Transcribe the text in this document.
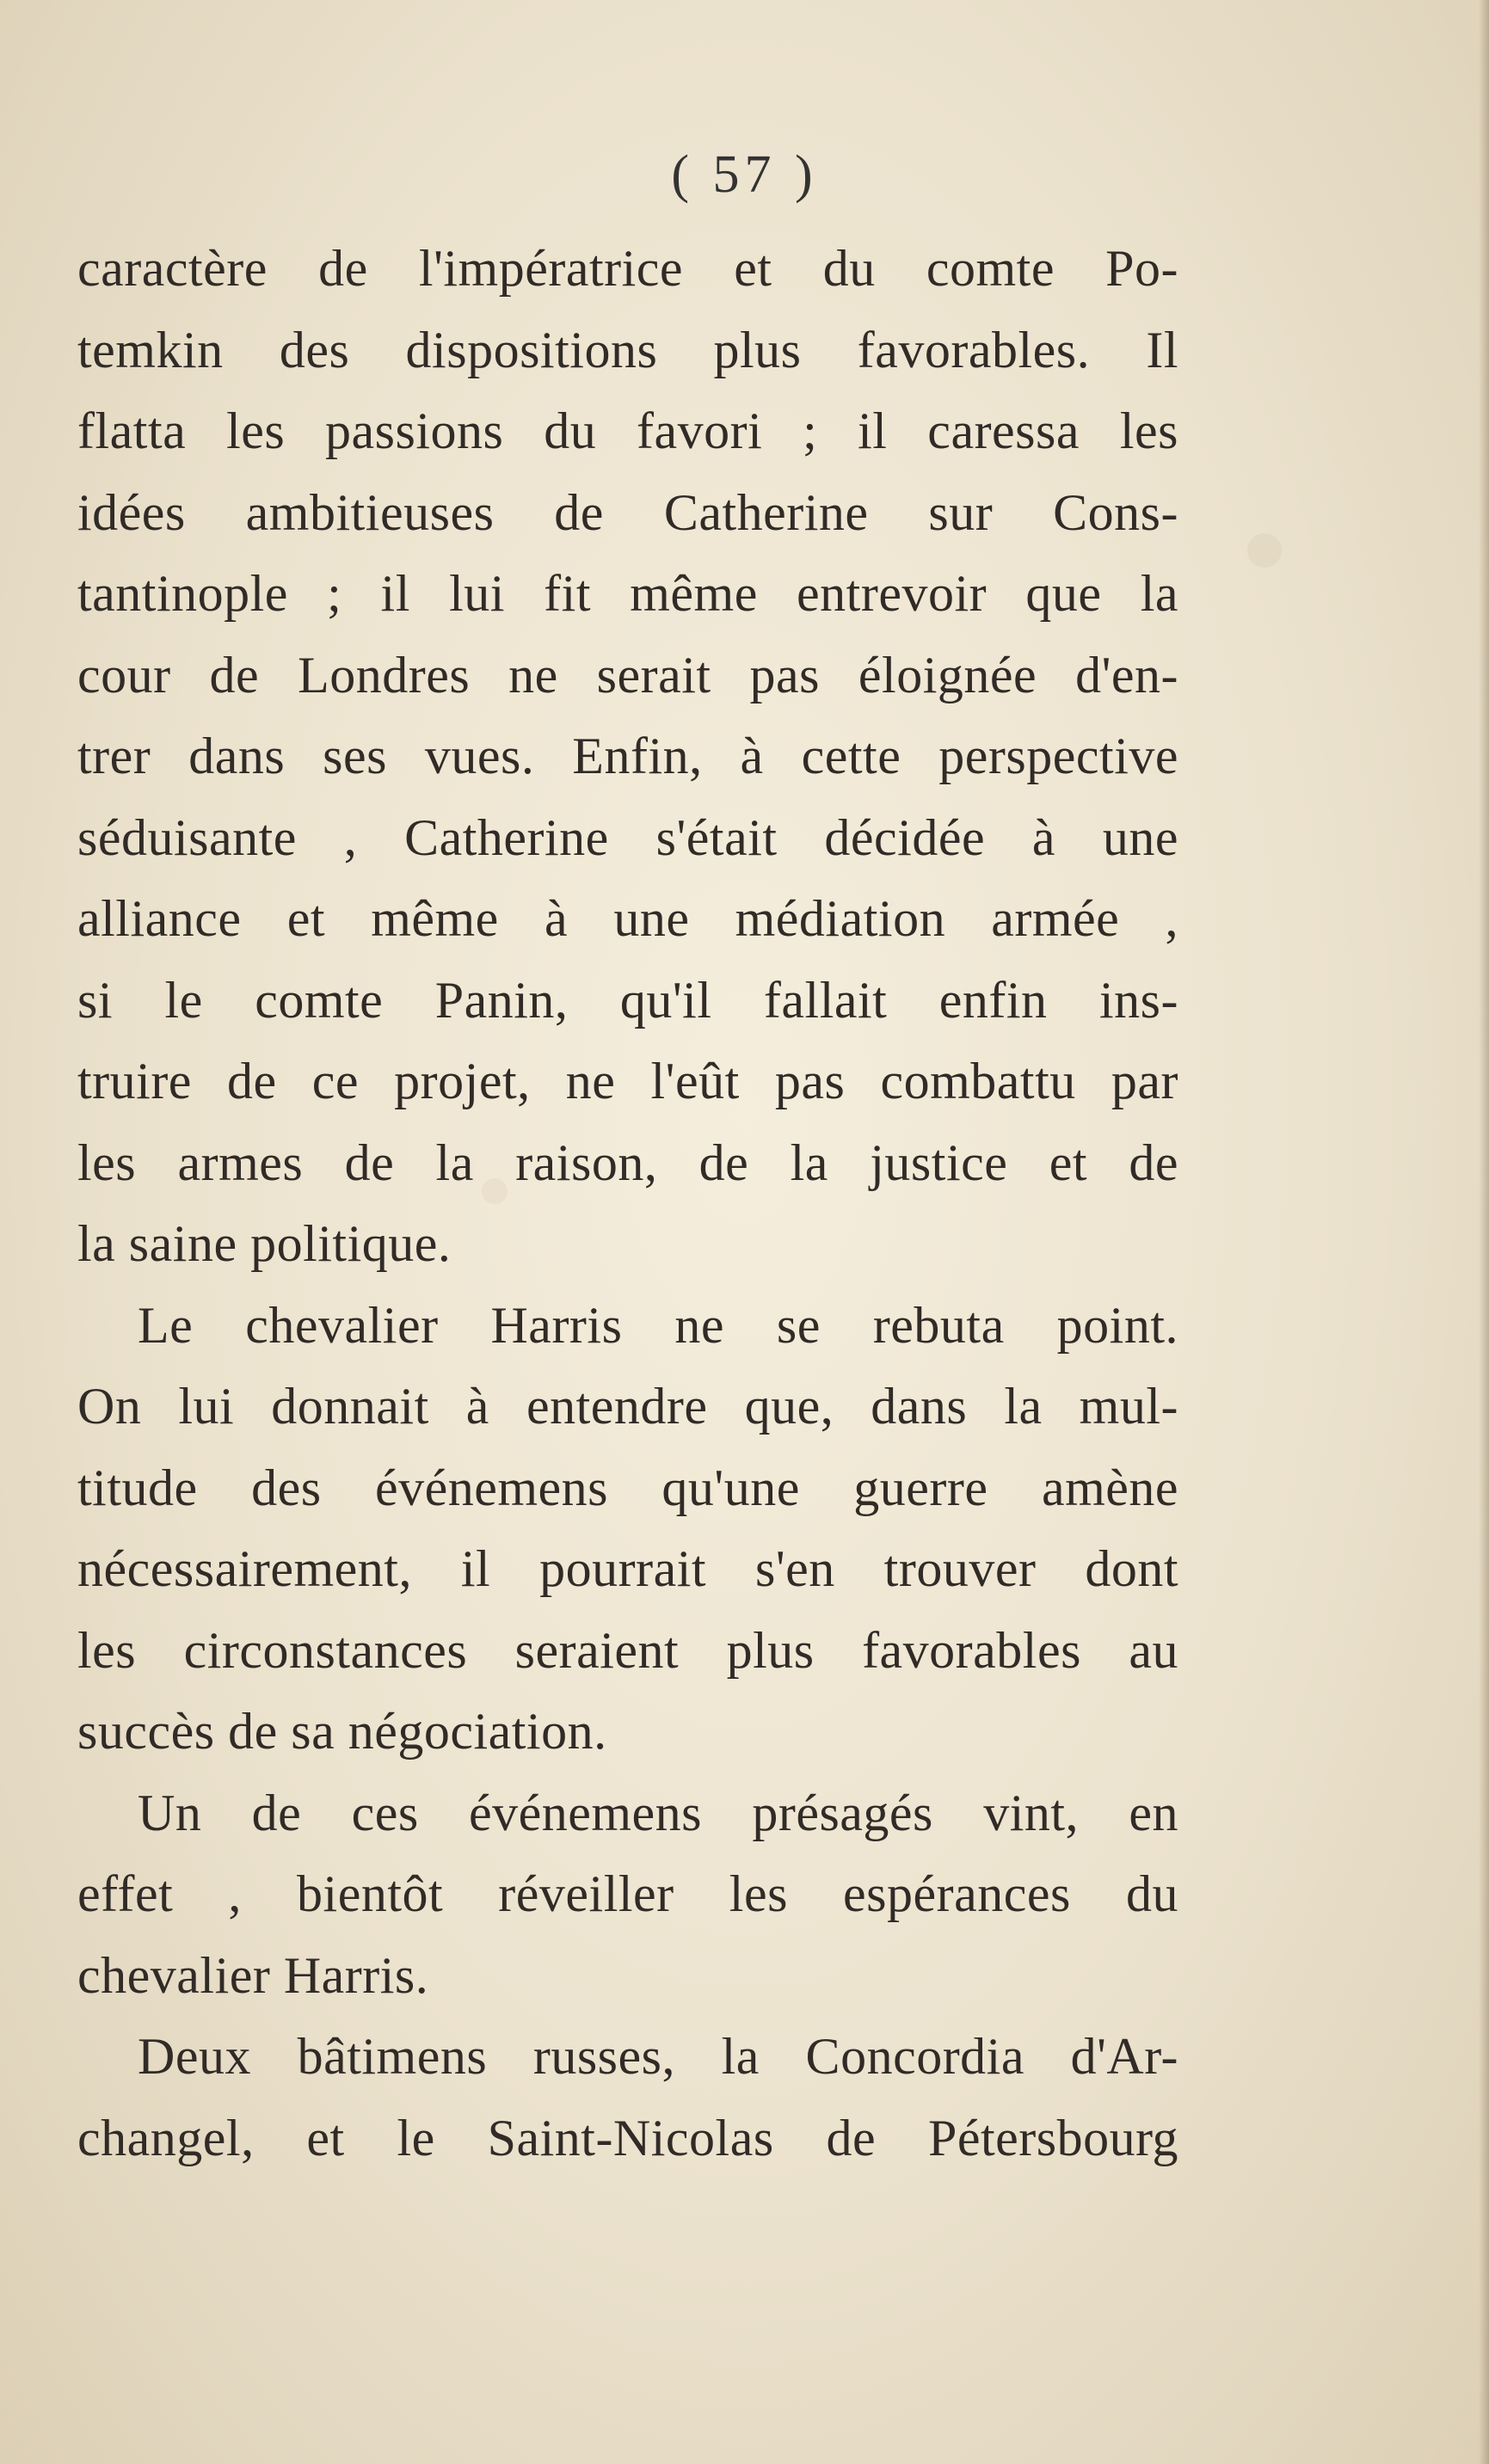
( 57 )
caractère de l'impératrice et du comte Po-
temkin des dispositions plus favorables. Il
flatta les passions du favori ; il caressa les
idées ambitieuses de Catherine sur Cons-
tantinople ; il lui fit même entrevoir que la
cour de Londres ne serait pas éloignée d'en-
trer dans ses vues. Enfin, à cette perspective
séduisante , Catherine s'était décidée à une
alliance et même à une médiation armée ,
si le comte Panin, qu'il fallait enfin ins-
truire de ce projet, ne l'eût pas combattu par
les armes de la raison, de la justice et de
la saine politique.
Le chevalier Harris ne se rebuta point.
On lui donnait à entendre que, dans la mul-
titude des événemens qu'une guerre amène
nécessairement, il pourrait s'en trouver dont
les circonstances seraient plus favorables au
succès de sa négociation.
Un de ces événemens présagés vint, en
effet , bientôt réveiller les espérances du
chevalier Harris.
Deux bâtimens russes, la Concordia d'Ar-
changel, et le Saint-Nicolas de Pétersbourg
